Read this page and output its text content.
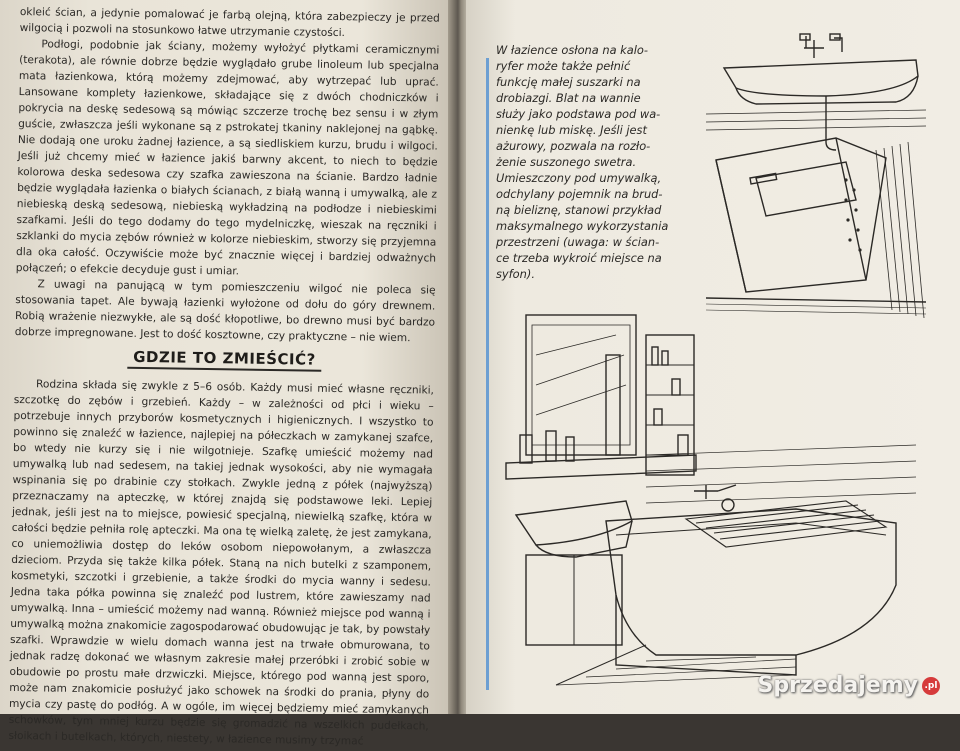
okleić ścian, a jedynie pomalować je farbą olejną, która zabezpieczy je przed wilgocią i pozwoli na stosunkowo łatwe utrzymanie czystości.

Podłogi, podobnie jak ściany, możemy wyłożyć płytkami ceramicznymi (terakota), ale równie dobrze będzie wyglądało grube linoleum lub specjalna mata łazienkowa, którą możemy zdejmować, aby wytrzepać lub uprać. Lansowane komplety łazienkowe, składające się z dwóch chodniczków i pokrycia na deskę sedesową są mówiąc szczerze trochę bez sensu i w złym guście, zwłaszcza jeśli wykonane są z pstrokatej tkaniny naklejonej na gąbkę. Nie dodają one uroku żadnej łazience, a są siedliskiem kurzu, brudu i wilgoci. Jeśli już chcemy mieć w łazience jakiś barwny akcent, to niech to będzie kolorowa deska sedesowa czy szafka zawieszona na ścianie. Bardzo ładnie będzie wyglądała łazienka o białych ścianach, z białą wanną i umywalką, ale z niebieską deską sedesową, niebieską wykładziną na podłodze i niebieskimi szafkami. Jeśli do tego dodamy do tego mydelniczkę, wieszak na ręczniki i szklanki do mycia zębów również w kolorze niebieskim, stworzy się przyjemna dla oka całość. Oczywiście może być znacznie więcej i bardziej odważnych połączeń; o efekcie decyduje gust i umiar.

Z uwagi na panującą w tym pomieszczeniu wilgoć nie poleca się stosowania tapet. Ale bywają łazienki wyłożone od dołu do góry drewnem. Robią wrażenie niezwykłe, ale są dość kłopotliwe, bo drewno musi być bardzo dobrze impregnowane. Jest to dość kosztowne, czy praktyczne – nie wiem.

GDZIE TO ZMIEŚCIĆ?

Rodzina składa się zwykle z 5–6 osób. Każdy musi mieć własne ręczniki, szczotkę do zębów i grzebień. Każdy – w zależności od płci i wieku – potrzebuje innych przyborów kosmetycznych i higienicznych. I wszystko to powinno się znaleźć w łazience, najlepiej na półeczkach w zamykanej szafce, bo wtedy nie kurzy się i nie wilgotnieje. Szafkę umieścić możemy nad umywalką lub nad sedesem, na takiej jednak wysokości, aby nie wymagała wspinania się po drabinie czy stołkach. Zwykle jedną z półek (najwyższą) przeznaczamy na apteczkę, w której znajdą się podstawowe leki. Lepiej jednak, jeśli jest na to miejsce, powiesić specjalną, niewielką szafkę, która w całości będzie pełniła rolę apteczki. Ma ona tę wielką zaletę, że jest zamykana, co uniemożliwia dostęp do leków osobom niepowołanym, a zwłaszcza dzieciom. Przyda się także kilka półek. Staną na nich butelki z szamponem, kosmetyki, szczotki i grzebienie, a także środki do mycia wanny i sedesu. Jedna taka półka powinna się znaleźć pod lustrem, które zawieszamy nad umywalką. Inna – umieścić możemy nad wanną. Również miejsce pod wanną i umywalką można znakomicie zagospodarować obudowując je tak, by powstały szafki. Wprawdzie w wielu domach wanna jest na trwałe obmurowana, to jednak radzę dokonać we własnym zakresie małej przeróbki i zrobić sobie w obudowie po prostu małe drzwiczki. Miejsce, którego pod wanną jest sporo, może nam znakomicie posłużyć jako schowek na środki do prania, płyny do mycia czy pastę do podłóg. A w ogóle, im więcej będziemy mieć zamykanych schowków, tym mniej kurzu będzie się gromadzić na wszelkich pudełkach, słoikach i butelkach, których, niestety, w łazience musimy trzymać

W łazience osłona na kalo-

ryfer może także pełnić

funkcję małej suszarki na

drobiazgi. Blat na wannie

służy jako podstawa pod wa-

nienkę lub miskę. Jeśli jest

ażurowy, pozwala na rozło-

żenie suszonego swetra.

Umieszczony pod umywalką,

odchylany pojemnik na brud-

ną bieliznę, stanowi przykład

maksymalnego wykorzystania

przestrzeni (uwaga: w ścian-

ce trzeba wykroić miejsce na

syfon).

Sprzedajemy .pl
